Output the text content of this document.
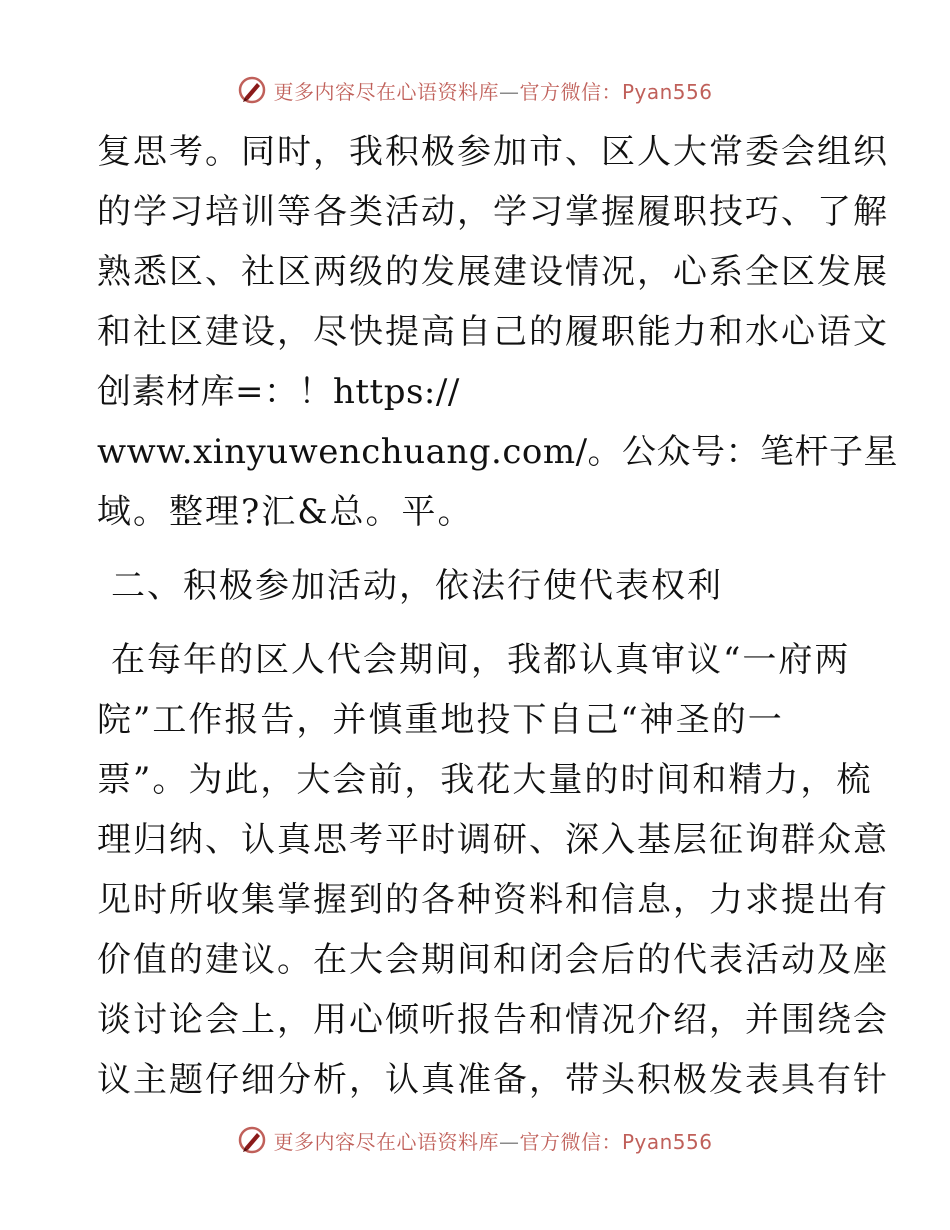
更多内容尽在心语资料库—官方微信：Pyan556
复思考。同时，我积极参加市、区人大常委会组织
的学习培训等各类活动，学习掌握履职技巧、了解
熟悉区、社区两级的发展建设情况，心系全区发展
和社区建设，尽快提高自己的履职能力和水心语文
创素材库=：！https://
www.xinyuwenchuang.com/。公众号：笔杆子星
域。整理?汇&总。平。
二、积极参加活动，依法行使代表权利
在每年的区人代会期间，我都认真审议“一府两
院”工作报告，并慎重地投下自己“神圣的一
票”。为此，大会前，我花大量的时间和精力，梳
理归纳、认真思考平时调研、深入基层征询群众意
见时所收集掌握到的各种资料和信息，力求提出有
价值的建议。在大会期间和闭会后的代表活动及座
谈讨论会上，用心倾听报告和情况介绍，并围绕会
议主题仔细分析，认真准备，带头积极发表具有针
更多内容尽在心语资料库—官方微信：Pyan556
